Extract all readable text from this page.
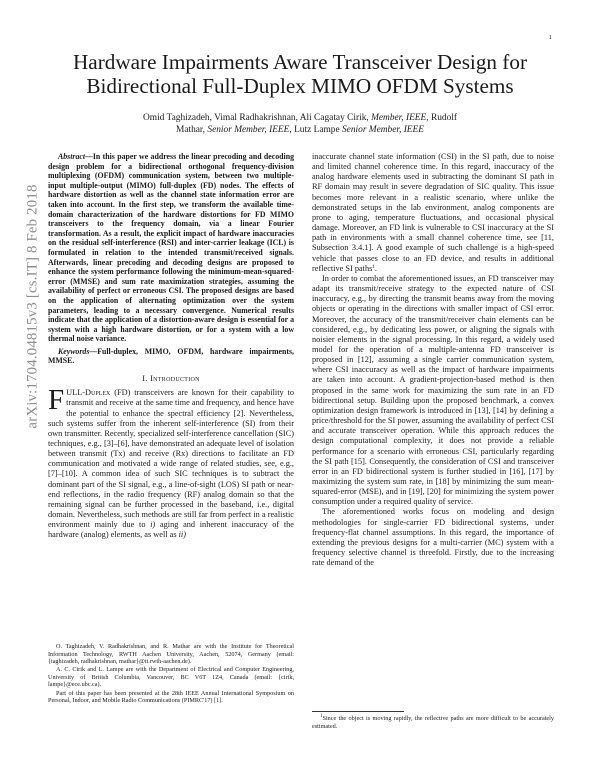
1
arXiv:1704.04815v3 [cs.IT] 8 Feb 2018
Hardware Impairments Aware Transceiver Design for
Bidirectional Full-Duplex MIMO OFDM Systems
Omid Taghizadeh, Vimal Radhakrishnan, Ali Cagatay Cirik, Member, IEEE, Rudolf
Mathar, Senior Member, IEEE, Lutz Lampe Senior Member, IEEE

Abstract—In this paper we address the linear precoding and decoding design problem for a bidirectional orthogonal frequency-division multiplexing (OFDM) communication system, between two multiple-input multiple-output (MIMO) full-duplex (FD) nodes. The effects of hardware distortion as well as the channel state information error are taken into account. In the first step, we transform the available time-domain characterization of the hardware distortions for FD MIMO transceivers to the frequency domain, via a linear Fourier transformation. As a result, the explicit impact of hardware inaccuracies on the residual self-interference (RSI) and inter-carrier leakage (ICL) is formulated in relation to the intended transmit/received signals. Afterwards, linear precoding and decoding designs are proposed to enhance the system performance following the minimum-mean-squared-error (MMSE) and sum rate maximization strategies, assuming the availability of perfect or erroneous CSI. The proposed designs are based on the application of alternating optimization over the system parameters, leading to a necessary convergence. Numerical results indicate that the application of a distortion-aware design is essential for a system with a high hardware distortion, or for a system with a low thermal noise variance.

Keywords—Full-duplex, MIMO, OFDM, hardware impairments, MMSE.

I. Introduction

FULL-Duplex (FD) transceivers are known for their capability to transmit and receive at the same time and frequency, and hence have the potential to enhance the spectral efficiency [2]. Nevertheless, such systems suffer from the inherent self-interference (SI) from their own transmitter. Recently, specialized self-interference cancellation (SIC) techniques, e.g., [3]–[6], have demonstrated an adequate level of isolation between transmit (Tx) and receive (Rx) directions to facilitate an FD communication and motivated a wide range of related studies, see, e.g., [7]–[10]. A common idea of such SIC techniques is to subtract the dominant part of the SI signal, e.g., a line-of-sight (LOS) SI path or near-end reflections, in the radio frequency (RF) analog domain so that the remaining signal can be further processed in the baseband, i.e., digital domain. Nevertheless, such methods are still far from perfect in a realistic environment mainly due to i) aging and inherent inaccuracy of the hardware (analog) elements, as well as ii)

O. Taghizadeh, V. Radhakrishnan, and R. Mathar are with the Institute for Theoretical Information Technology, RWTH Aachen University, Aachen, 52074, Germany (email: {taghizadeh, radhakrishnan, mathar}@ti.rwth-aachen.de).

A. C. Cirik and L. Lampe are with the Department of Electrical and Computer Engineering, University of British Columbia, Vancouver, BC V6T 1Z4, Canada (email: {cirik, lampe}@ece.ubc.ca).

Part of this paper has been presented at the 28th IEEE Annual International Symposium on Personal, Indoor, and Mobile Radio Communications (PIMRC'17) [1].

inaccurate channel state information (CSI) in the SI path, due to noise and limited channel coherence time. In this regard, inaccuracy of the analog hardware elements used in subtracting the dominant SI path in RF domain may result in severe degradation of SIC quality. This issue becomes more relevant in a realistic scenario, where unlike the demonstrated setups in the lab environment, analog components are prone to aging, temperature fluctuations, and occasional physical damage. Moreover, an FD link is vulnerable to CSI inaccuracy at the SI path in environments with a small channel coherence time, see [11, Subsection 3.4.1]. A good example of such challenge is a high-speed vehicle that passes close to an FD device, and results in additional reflective SI paths$^1$.

In order to combat the aforementioned issues, an FD transceiver may adapt its transmit/receive strategy to the expected nature of CSI inaccuracy, e.g., by directing the transmit beams away from the moving objects or operating in the directions with smaller impact of CSI error. Moreover, the accuracy of the transmit/receiver chain elements can be considered, e.g., by dedicating less power, or aligning the signals with noisier elements in the signal processing. In this regard, a widely used model for the operation of a multiple-antenna FD transceiver is proposed in [12], assuming a single carrier communication system, where CSI inaccuracy as well as the impact of hardware impairments are taken into account. A gradient-projection-based method is then proposed in the same work for maximizing the sum rate in an FD bidirectional setup. Building upon the proposed benchmark, a convex optimization design framework is introduced in [13], [14] by defining a price/threshold for the SI power, assuming the availability of perfect CSI and accurate transceiver operation. While this approach reduces the design computational complexity, it does not provide a reliable performance for a scenario with erroneous CSI, particularly regarding the SI path [15]. Consequently, the consideration of CSI and transceiver error in an FD bidirectional system is further studied in [16], [17] by maximizing the system sum rate, in [18] by minimizing the sum mean-squared-error (MSE), and in [19], [20] for minimizing the system power consumption under a required quality of service.

The aforementioned works focus on modeling and design methodologies for single-carrier FD bidirectional systems, under frequency-flat channel assumptions. In this regard, the importance of extending the previous designs for a multi-carrier (MC) system with a frequency selective channel is threefold. Firstly, due to the increasing rate demand of the

$^1$Since the object is moving rapidly, the reflective paths are more difficult to be accurately estimated.
